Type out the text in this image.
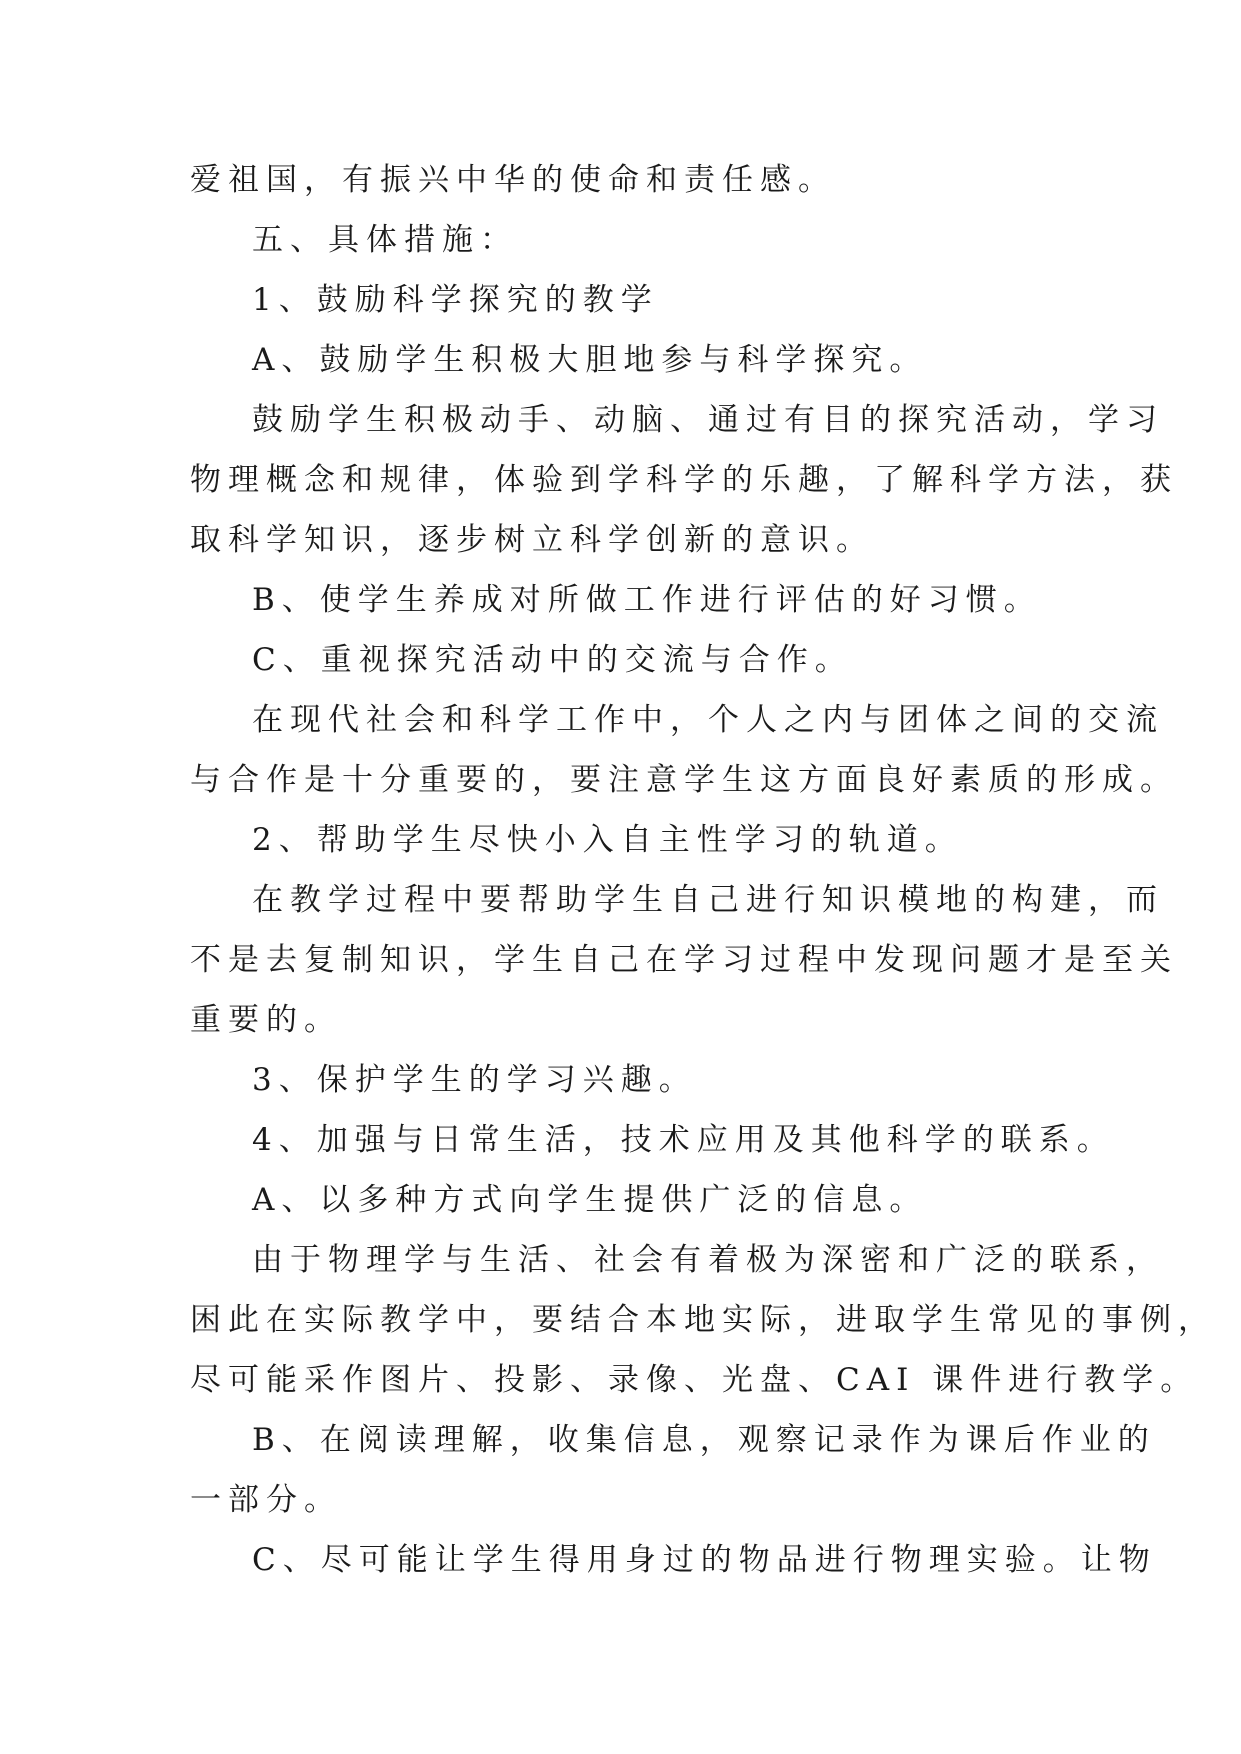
爱祖国，有振兴中华的使命和责任感。
五、具体措施：
1、鼓励科学探究的教学
A、鼓励学生积极大胆地参与科学探究。
鼓励学生积极动手、动脑、通过有目的探究活动，学习
物理概念和规律，体验到学科学的乐趣，了解科学方法，获
取科学知识，逐步树立科学创新的意识。
B、使学生养成对所做工作进行评估的好习惯。
C、重视探究活动中的交流与合作。
在现代社会和科学工作中，个人之内与团体之间的交流
与合作是十分重要的，要注意学生这方面良好素质的形成。
2、帮助学生尽快小入自主性学习的轨道。
在教学过程中要帮助学生自己进行知识模地的构建，而
不是去复制知识，学生自己在学习过程中发现问题才是至关
重要的。
3、保护学生的学习兴趣。
4、加强与日常生活，技术应用及其他科学的联系。
A、以多种方式向学生提供广泛的信息。
由于物理学与生活、社会有着极为深密和广泛的联系，
困此在实际教学中，要结合本地实际，进取学生常见的事例，
尽可能采作图片、投影、录像、光盘、CAI 课件进行教学。
B、在阅读理解，收集信息，观察记录作为课后作业的
一部分。
C、尽可能让学生得用身过的物品进行物理实验。让物
